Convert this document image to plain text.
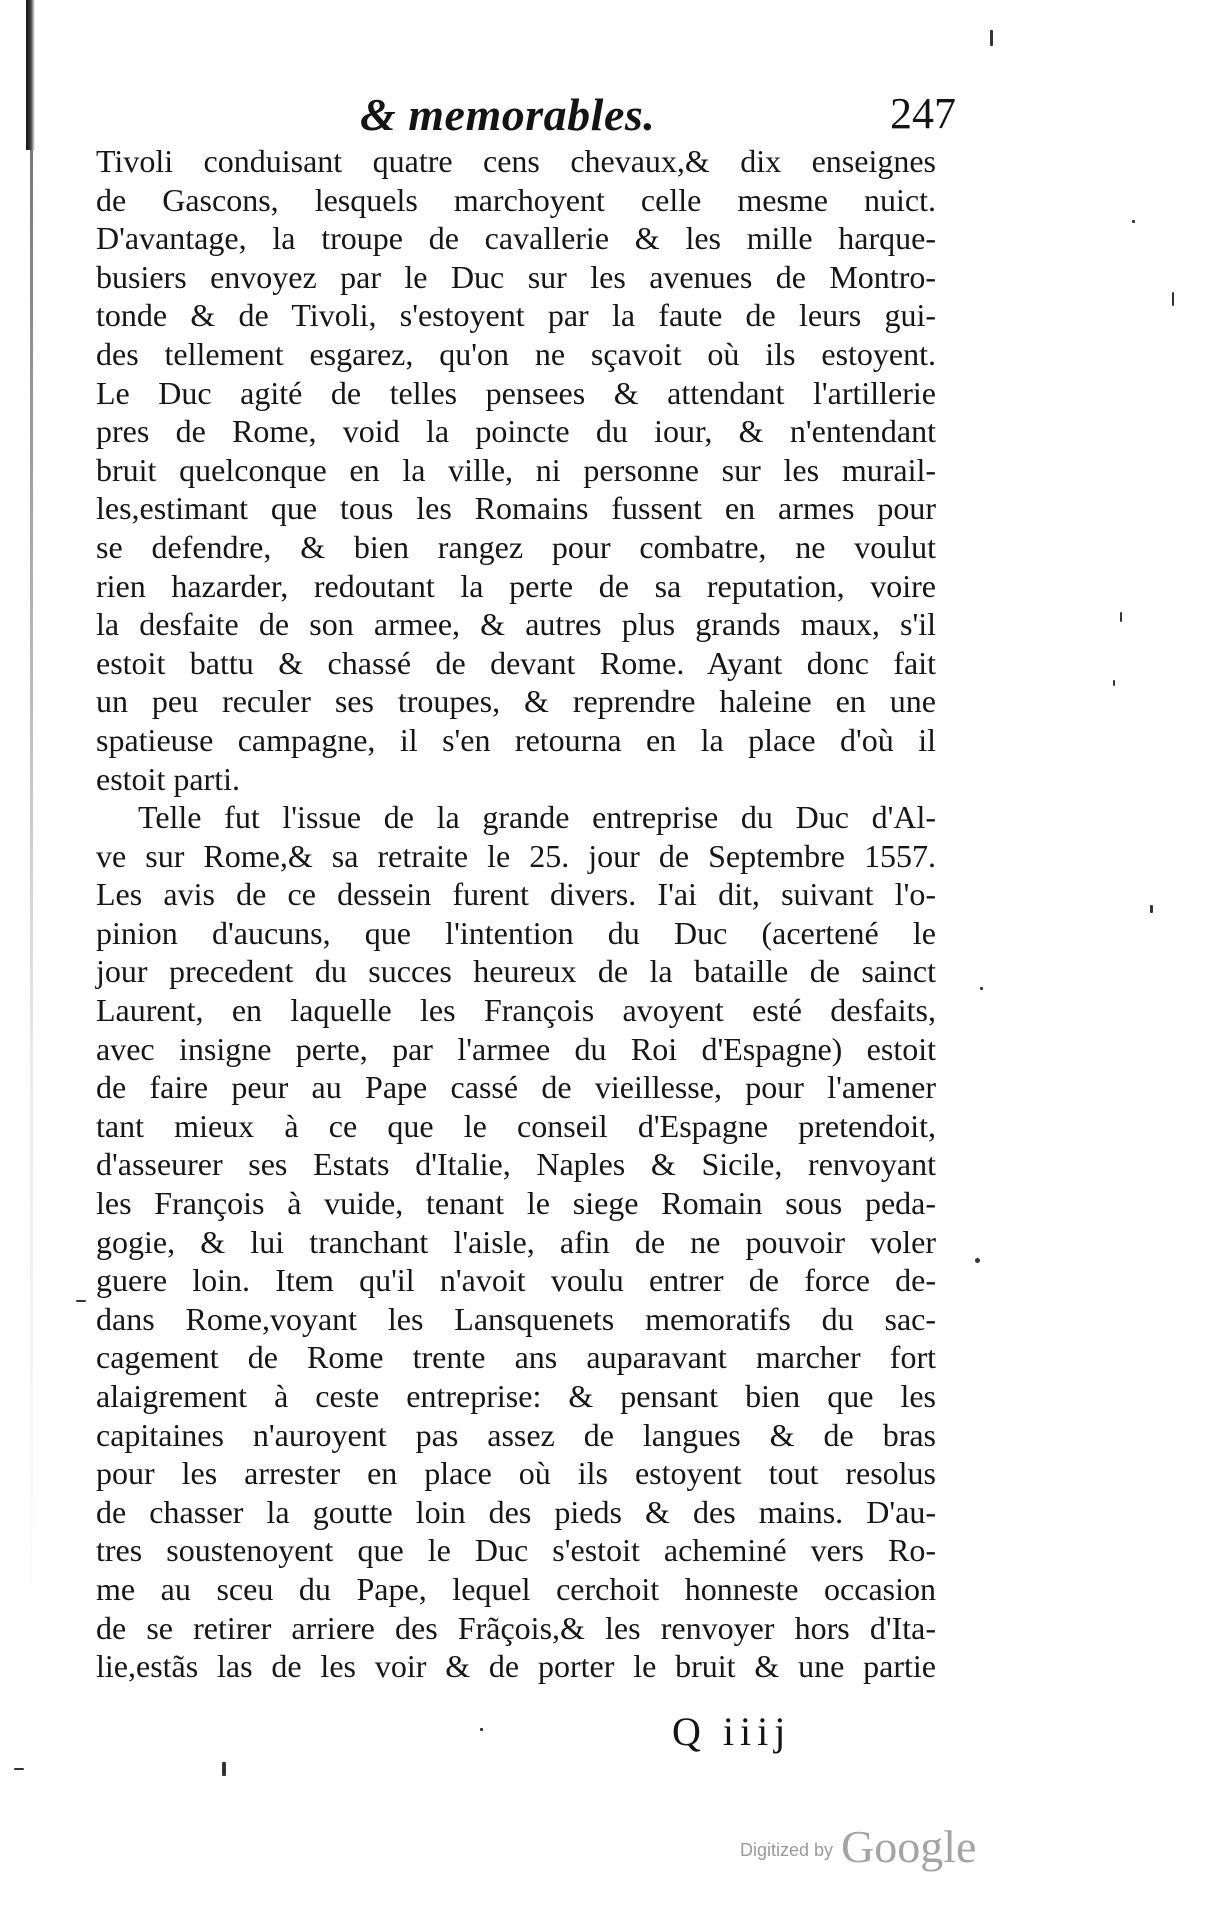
& memorables.	247
Tivoli conduisant quatre cens chevaux,& dix enseignes
de Gascons, lesquels marchoyent celle mesme nuict.
D'avantage, la troupe de cavallerie & les mille harque-
busiers envoyez par le Duc sur les avenues de Montro-
tonde & de Tivoli, s'estoyent par la faute de leurs gui-
des tellement esgarez, qu'on ne sçavoit où ils estoyent.
Le Duc agité de telles pensees & attendant l'artillerie
pres de Rome, void la poincte du iour, & n'entendant
bruit quelconque en la ville, ni personne sur les murail-
les,estimant que tous les Romains fussent en armes pour
se defendre, & bien rangez pour combatre, ne voulut
rien hazarder, redoutant la perte de sa reputation, voire
la desfaite de son armee, & autres plus grands maux, s'il
estoit battu & chassé de devant Rome. Ayant donc fait
un peu reculer ses troupes, & reprendre haleine en une
spatieuse campagne, il s'en retourna en la place d'où il
estoit parti.
Telle fut l'issue de la grande entreprise du Duc d'Al-
ve sur Rome,& sa retraite le 25. jour de Septembre 1557.
Les avis de ce dessein furent divers. I'ai dit, suivant l'o-
pinion d'aucuns, que l'intention du Duc (acertené le
jour precedent du succes heureux de la bataille de sainct
Laurent, en laquelle les François avoyent esté desfaits,
avec insigne perte, par l'armee du Roi d'Espagne) estoit
de faire peur au Pape cassé de vieillesse, pour l'amener
tant mieux à ce que le conseil d'Espagne pretendoit,
d'asseurer ses Estats d'Italie, Naples & Sicile, renvoyant
les François à vuide, tenant le siege Romain sous peda-
gogie, & lui tranchant l'aisle, afin de ne pouvoir voler
guere loin. Item qu'il n'avoit voulu entrer de force de-
dans Rome,voyant les Lansquenets memoratifs du sac-
cagement de Rome trente ans auparavant marcher fort
alaigrement à ceste entreprise: & pensant bien que les
capitaines n'auroyent pas assez de langues & de bras
pour les arrester en place où ils estoyent tout resolus
de chasser la goutte loin des pieds & des mains. D'au-
tres soustenoyent que le Duc s'estoit acheminé vers Ro-
me au sceu du Pape, lequel cerchoit honneste occasion
de se retirer arriere des Frãçois,& les renvoyer hors d'Ita-
lie,estãs las de les voir & de porter le bruit & une partie
Q iiij
Digitized by Google
